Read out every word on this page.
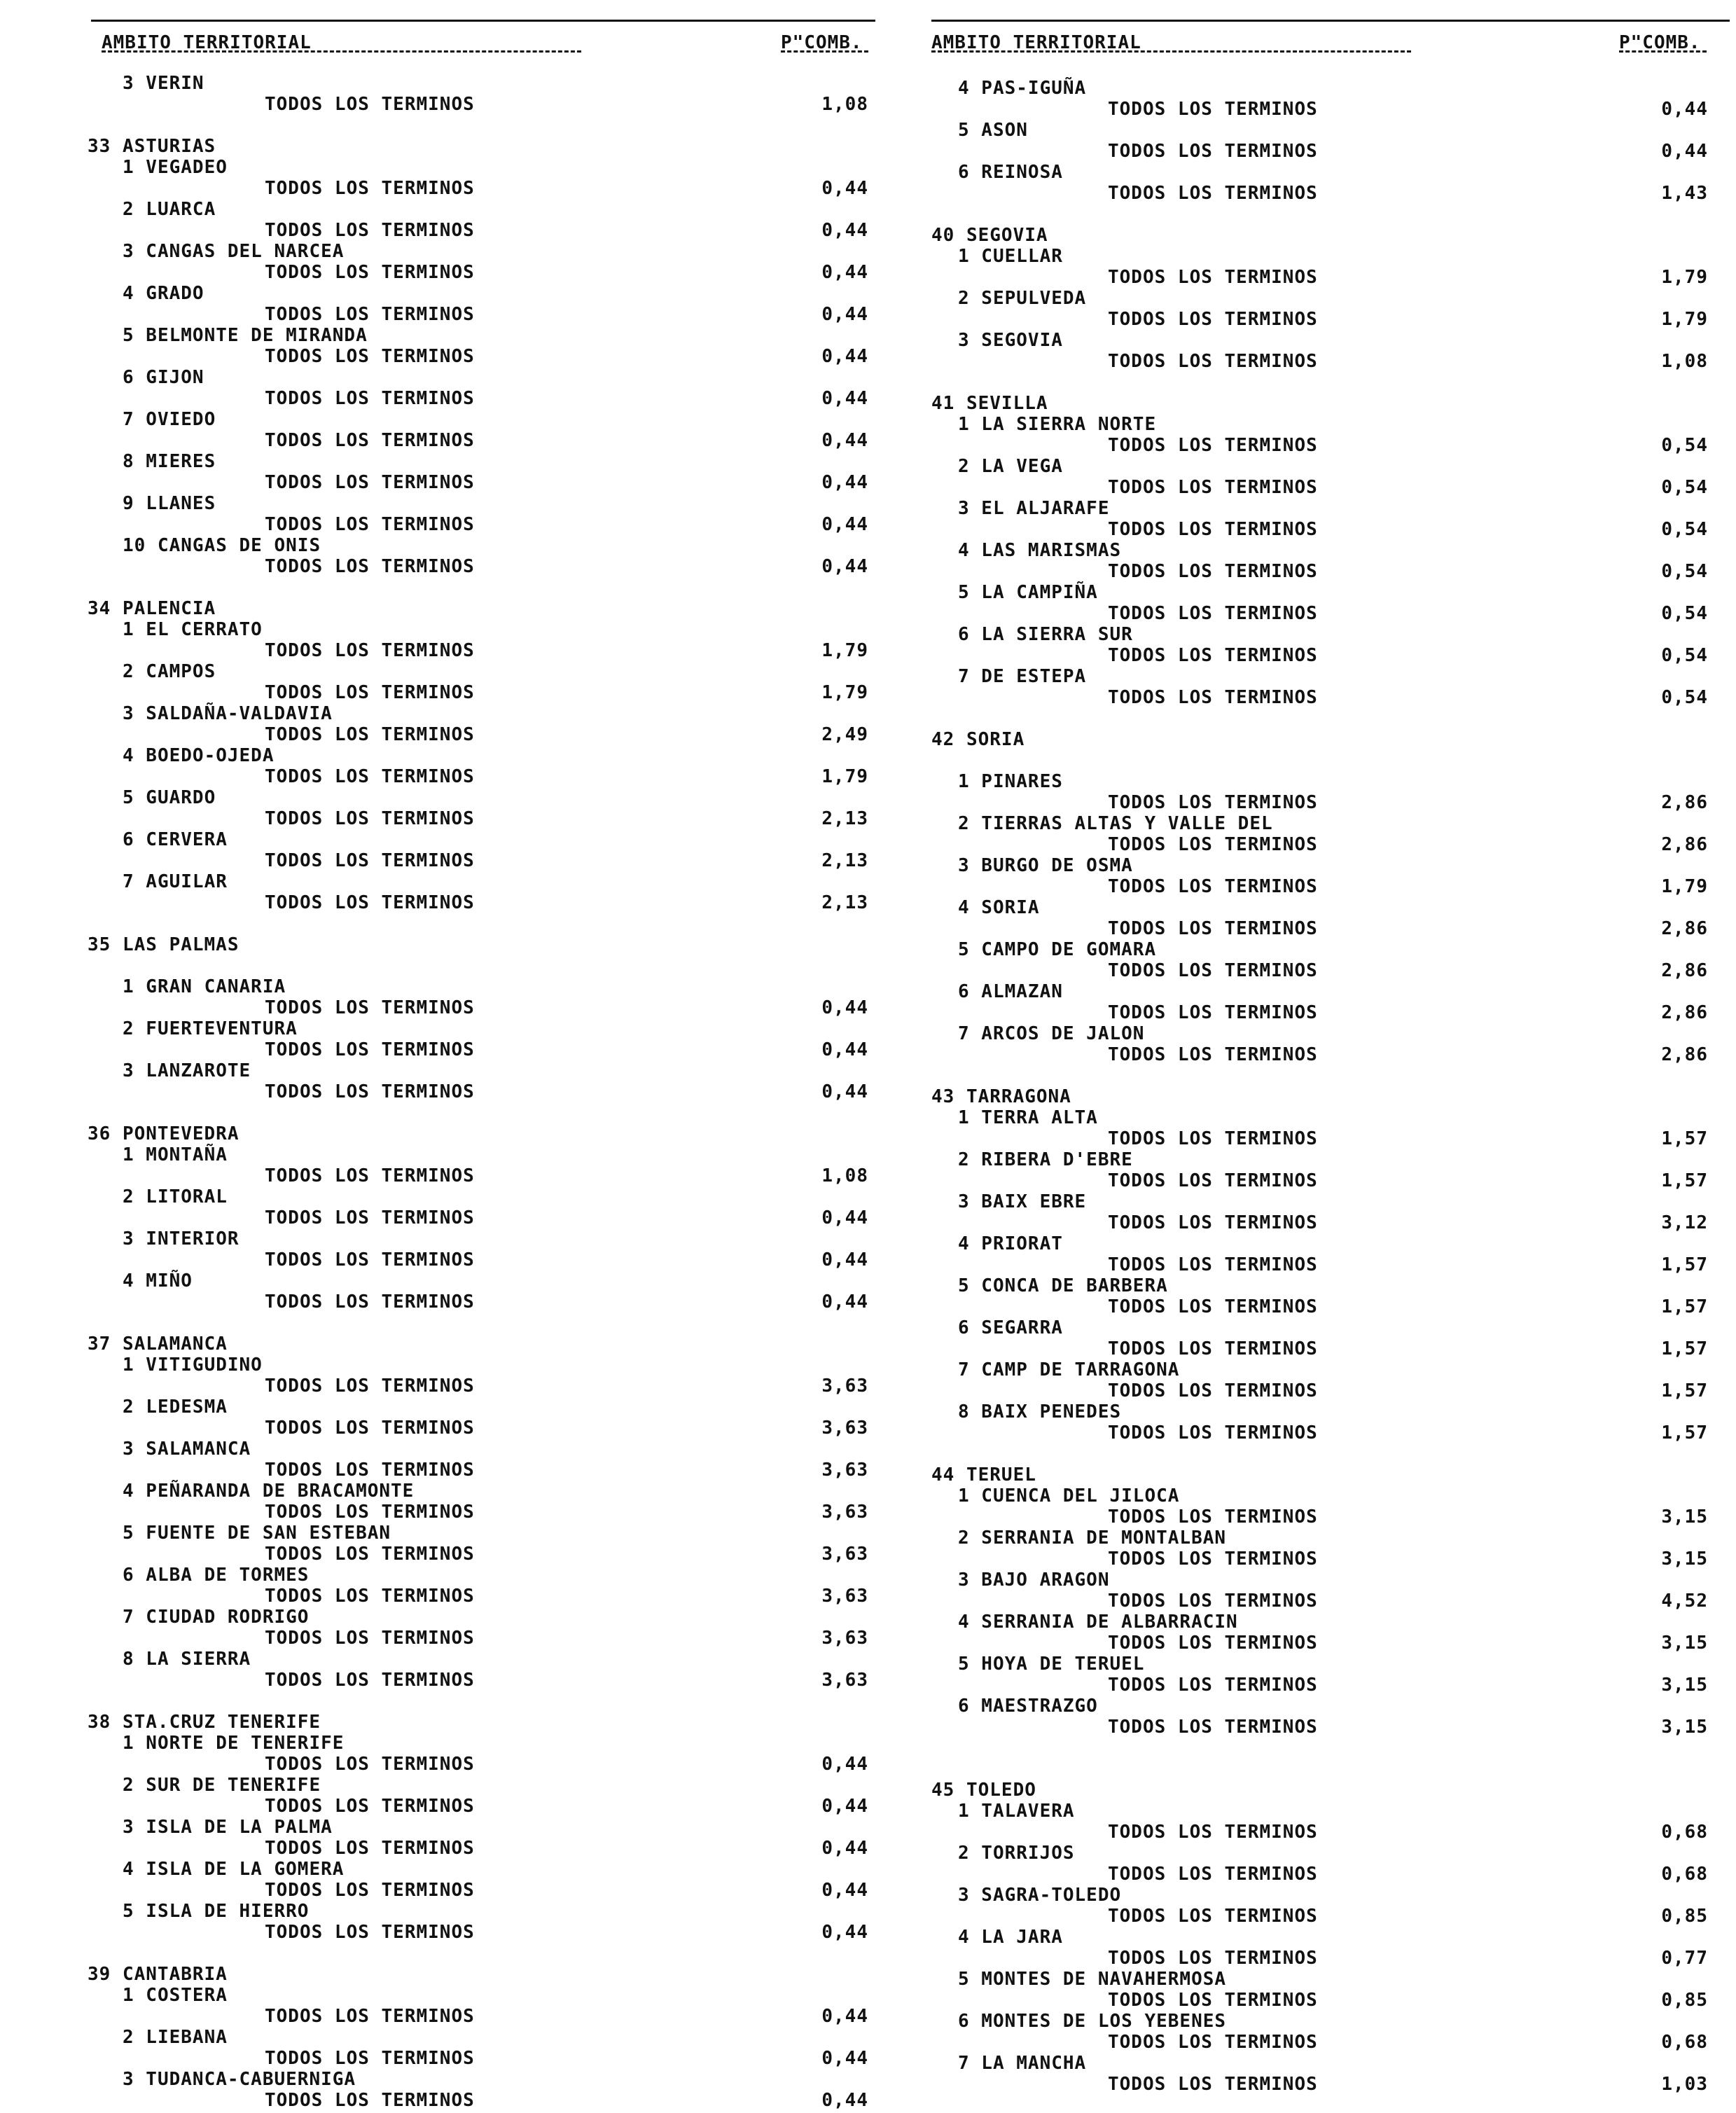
AMBITO TERRITORIAL	P"COMB.
3 VERIN
TODOS LOS TERMINOS	1,08
33 ASTURIAS
1 VEGADEO
TODOS LOS TERMINOS	0,44
2 LUARCA
TODOS LOS TERMINOS	0,44
3 CANGAS DEL NARCEA
TODOS LOS TERMINOS	0,44
4 GRADO
TODOS LOS TERMINOS	0,44
5 BELMONTE DE MIRANDA
TODOS LOS TERMINOS	0,44
6 GIJON
TODOS LOS TERMINOS	0,44
7 OVIEDO
TODOS LOS TERMINOS	0,44
8 MIERES
TODOS LOS TERMINOS	0,44
9 LLANES
TODOS LOS TERMINOS	0,44
10 CANGAS DE ONIS
TODOS LOS TERMINOS	0,44
34 PALENCIA
1 EL CERRATO
TODOS LOS TERMINOS	1,79
2 CAMPOS
TODOS LOS TERMINOS	1,79
3 SALDAÑA-VALDAVIA
TODOS LOS TERMINOS	2,49
4 BOEDO-OJEDA
TODOS LOS TERMINOS	1,79
5 GUARDO
TODOS LOS TERMINOS	2,13
6 CERVERA
TODOS LOS TERMINOS	2,13
7 AGUILAR
TODOS LOS TERMINOS	2,13
35 LAS PALMAS
1 GRAN CANARIA
TODOS LOS TERMINOS	0,44
2 FUERTEVENTURA
TODOS LOS TERMINOS	0,44
3 LANZAROTE
TODOS LOS TERMINOS	0,44
36 PONTEVEDRA
1 MONTAÑA
TODOS LOS TERMINOS	1,08
2 LITORAL
TODOS LOS TERMINOS	0,44
3 INTERIOR
TODOS LOS TERMINOS	0,44
4 MIÑO
TODOS LOS TERMINOS	0,44
37 SALAMANCA
1 VITIGUDINO
TODOS LOS TERMINOS	3,63
2 LEDESMA
TODOS LOS TERMINOS	3,63
3 SALAMANCA
TODOS LOS TERMINOS	3,63
4 PEÑARANDA DE BRACAMONTE
TODOS LOS TERMINOS	3,63
5 FUENTE DE SAN ESTEBAN
TODOS LOS TERMINOS	3,63
6 ALBA DE TORMES
TODOS LOS TERMINOS	3,63
7 CIUDAD RODRIGO
TODOS LOS TERMINOS	3,63
8 LA SIERRA
TODOS LOS TERMINOS	3,63
38 STA.CRUZ TENERIFE
1 NORTE DE TENERIFE
TODOS LOS TERMINOS	0,44
2 SUR DE TENERIFE
TODOS LOS TERMINOS	0,44
3 ISLA DE LA PALMA
TODOS LOS TERMINOS	0,44
4 ISLA DE LA GOMERA
TODOS LOS TERMINOS	0,44
5 ISLA DE HIERRO
TODOS LOS TERMINOS	0,44
39 CANTABRIA
1 COSTERA
TODOS LOS TERMINOS	0,44
2 LIEBANA
TODOS LOS TERMINOS	0,44
3 TUDANCA-CABUERNIGA
TODOS LOS TERMINOS	0,44
AMBITO TERRITORIAL	P"COMB.
4 PAS-IGUÑA
TODOS LOS TERMINOS	0,44
5 ASON
TODOS LOS TERMINOS	0,44
6 REINOSA
TODOS LOS TERMINOS	1,43
40 SEGOVIA
1 CUELLAR
TODOS LOS TERMINOS	1,79
2 SEPULVEDA
TODOS LOS TERMINOS	1,79
3 SEGOVIA
TODOS LOS TERMINOS	1,08
41 SEVILLA
1 LA SIERRA NORTE
TODOS LOS TERMINOS	0,54
2 LA VEGA
TODOS LOS TERMINOS	0,54
3 EL ALJARAFE
TODOS LOS TERMINOS	0,54
4 LAS MARISMAS
TODOS LOS TERMINOS	0,54
5 LA CAMPIÑA
TODOS LOS TERMINOS	0,54
6 LA SIERRA SUR
TODOS LOS TERMINOS	0,54
7 DE ESTEPA
TODOS LOS TERMINOS	0,54
42 SORIA
1 PINARES
TODOS LOS TERMINOS	2,86
2 TIERRAS ALTAS Y VALLE DEL
TODOS LOS TERMINOS	2,86
3 BURGO DE OSMA
TODOS LOS TERMINOS	1,79
4 SORIA
TODOS LOS TERMINOS	2,86
5 CAMPO DE GOMARA
TODOS LOS TERMINOS	2,86
6 ALMAZAN
TODOS LOS TERMINOS	2,86
7 ARCOS DE JALON
TODOS LOS TERMINOS	2,86
43 TARRAGONA
1 TERRA ALTA
TODOS LOS TERMINOS	1,57
2 RIBERA D'EBRE
TODOS LOS TERMINOS	1,57
3 BAIX EBRE
TODOS LOS TERMINOS	3,12
4 PRIORAT
TODOS LOS TERMINOS	1,57
5 CONCA DE BARBERA
TODOS LOS TERMINOS	1,57
6 SEGARRA
TODOS LOS TERMINOS	1,57
7 CAMP DE TARRAGONA
TODOS LOS TERMINOS	1,57
8 BAIX PENEDES
TODOS LOS TERMINOS	1,57
44 TERUEL
1 CUENCA DEL JILOCA
TODOS LOS TERMINOS	3,15
2 SERRANIA DE MONTALBAN
TODOS LOS TERMINOS	3,15
3 BAJO ARAGON
TODOS LOS TERMINOS	4,52
4 SERRANIA DE ALBARRACIN
TODOS LOS TERMINOS	3,15
5 HOYA DE TERUEL
TODOS LOS TERMINOS	3,15
6 MAESTRAZGO
TODOS LOS TERMINOS	3,15
45 TOLEDO
1 TALAVERA
TODOS LOS TERMINOS	0,68
2 TORRIJOS
TODOS LOS TERMINOS	0,68
3 SAGRA-TOLEDO
TODOS LOS TERMINOS	0,85
4 LA JARA
TODOS LOS TERMINOS	0,77
5 MONTES DE NAVAHERMOSA
TODOS LOS TERMINOS	0,85
6 MONTES DE LOS YEBENES
TODOS LOS TERMINOS	0,68
7 LA MANCHA
TODOS LOS TERMINOS	1,03
